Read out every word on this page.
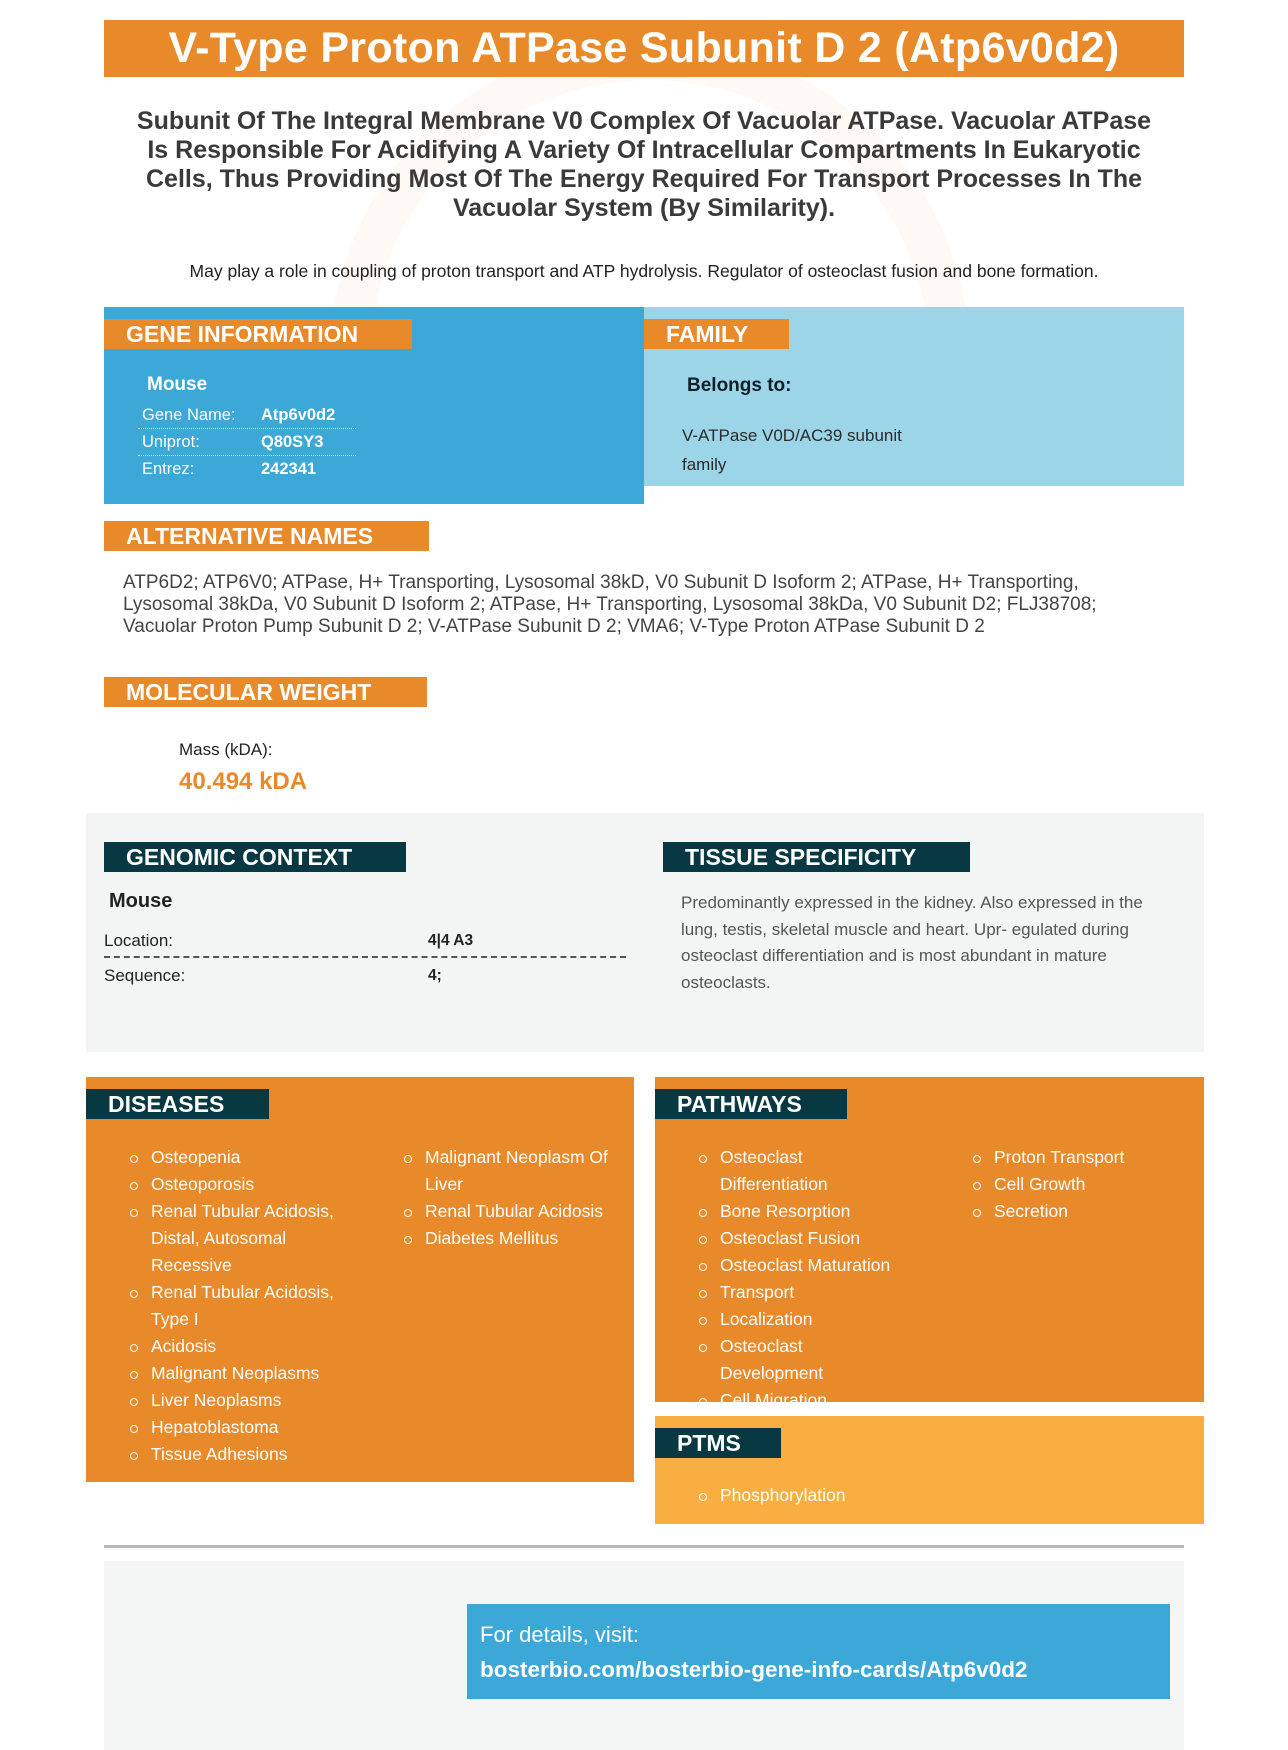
V-Type Proton ATPase Subunit D 2 (Atp6v0d2)
Subunit Of The Integral Membrane V0 Complex Of Vacuolar ATPase. Vacuolar ATPase Is Responsible For Acidifying A Variety Of Intracellular Compartments In Eukaryotic Cells, Thus Providing Most Of The Energy Required For Transport Processes In The Vacuolar System (By Similarity).
May play a role in coupling of proton transport and ATP hydrolysis. Regulator of osteoclast fusion and bone formation.
GENE INFORMATION
Mouse
Gene Name: Atp6v0d2
Uniprot:	Q80SY3
Entrez:	242341
FAMILY
Belongs to:
V-ATPase V0D/AC39 subunit family
ALTERNATIVE NAMES
ATP6D2; ATP6V0; ATPase, H+ Transporting, Lysosomal 38kD, V0 Subunit D Isoform 2; ATPase, H+ Transporting, Lysosomal 38kDa, V0 Subunit D Isoform 2; ATPase, H+ Transporting, Lysosomal 38kDa, V0 Subunit D2; FLJ38708; Vacuolar Proton Pump Subunit D 2; V-ATPase Subunit D 2; VMA6; V-Type Proton ATPase Subunit D 2
MOLECULAR WEIGHT
Mass (kDA):
40.494 kDA
GENOMIC CONTEXT
Mouse
Location:	4|4 A3
Sequence:	4;
TISSUE SPECIFICITY
Predominantly expressed in the kidney. Also expressed in the lung, testis, skeletal muscle and heart. Upr- egulated during osteoclast differentiation and is most abundant in mature osteoclasts.
DISEASES
Osteopenia
Osteoporosis
Renal Tubular Acidosis, Distal, Autosomal Recessive
Renal Tubular Acidosis, Type I
Acidosis
Malignant Neoplasms
Liver Neoplasms
Hepatoblastoma
Tissue Adhesions
Malignant Neoplasm Of Liver
Renal Tubular Acidosis
Diabetes Mellitus
PATHWAYS
Osteoclast Differentiation
Bone Resorption
Osteoclast Fusion
Osteoclast Maturation
Transport
Localization
Osteoclast Development
Cell Migration
Proton Transport
Cell Growth
Secretion
PTMS
Phosphorylation
For details, visit:
bosterbio.com/bosterbio-gene-info-cards/Atp6v0d2
